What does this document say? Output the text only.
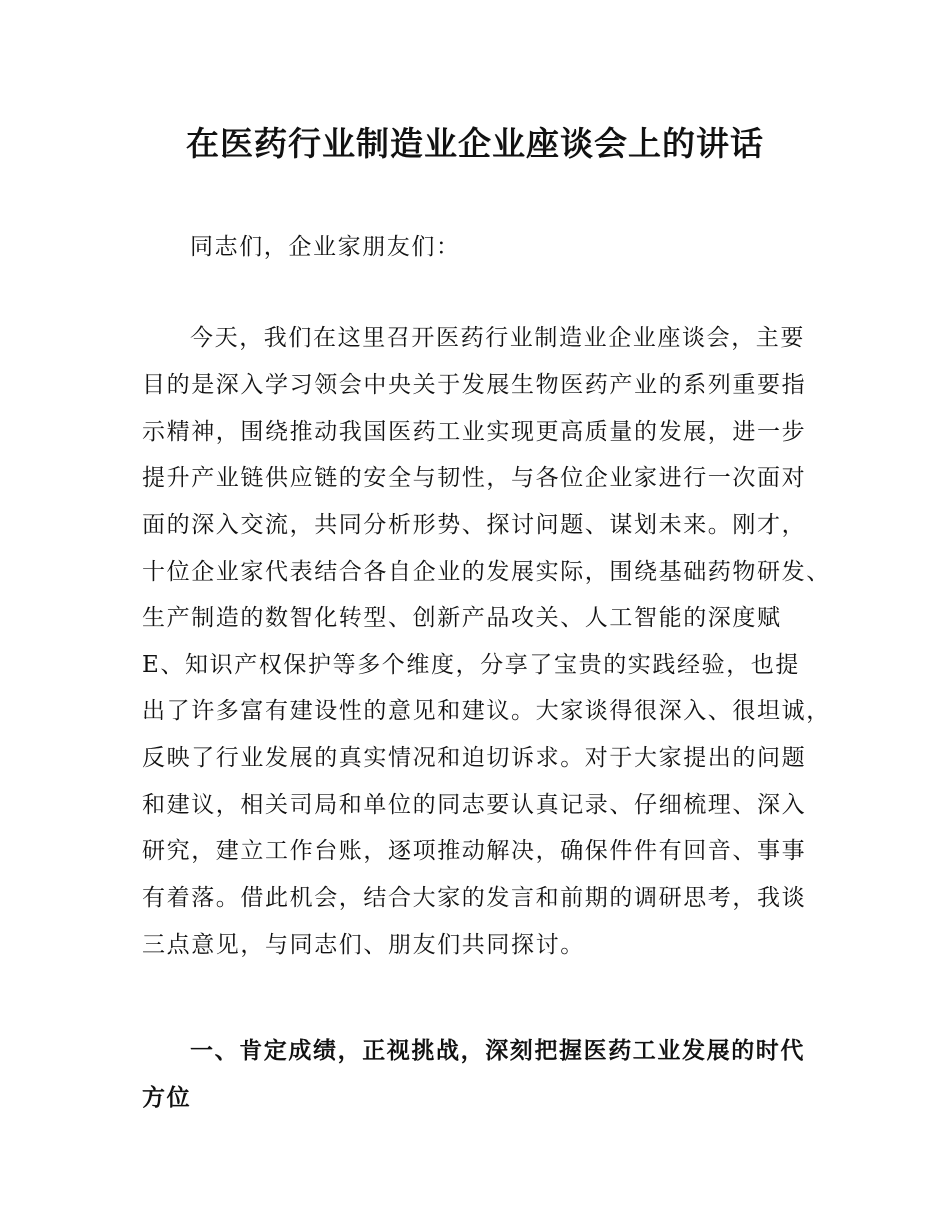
在医药行业制造业企业座谈会上的讲话
同志们，企业家朋友们：
今天，我们在这里召开医药行业制造业企业座谈会，主要
目的是深入学习领会中央关于发展生物医药产业的系列重要指
示精神，围绕推动我国医药工业实现更高质量的发展，进一步
提升产业链供应链的安全与韧性，与各位企业家进行一次面对
面的深入交流，共同分析形势、探讨问题、谋划未来。刚才，
十位企业家代表结合各自企业的发展实际，围绕基础药物研发、
生产制造的数智化转型、创新产品攻关、人工智能的深度赋
E、知识产权保护等多个维度，分享了宝贵的实践经验，也提
出了许多富有建设性的意见和建议。大家谈得很深入、很坦诚，
反映了行业发展的真实情况和迫切诉求。对于大家提出的问题
和建议，相关司局和单位的同志要认真记录、仔细梳理、深入
研究，建立工作台账，逐项推动解决，确保件件有回音、事事
有着落。借此机会，结合大家的发言和前期的调研思考，我谈
三点意见，与同志们、朋友们共同探讨。
一、肯定成绩，正视挑战，深刻把握医药工业发展的时代
方位
